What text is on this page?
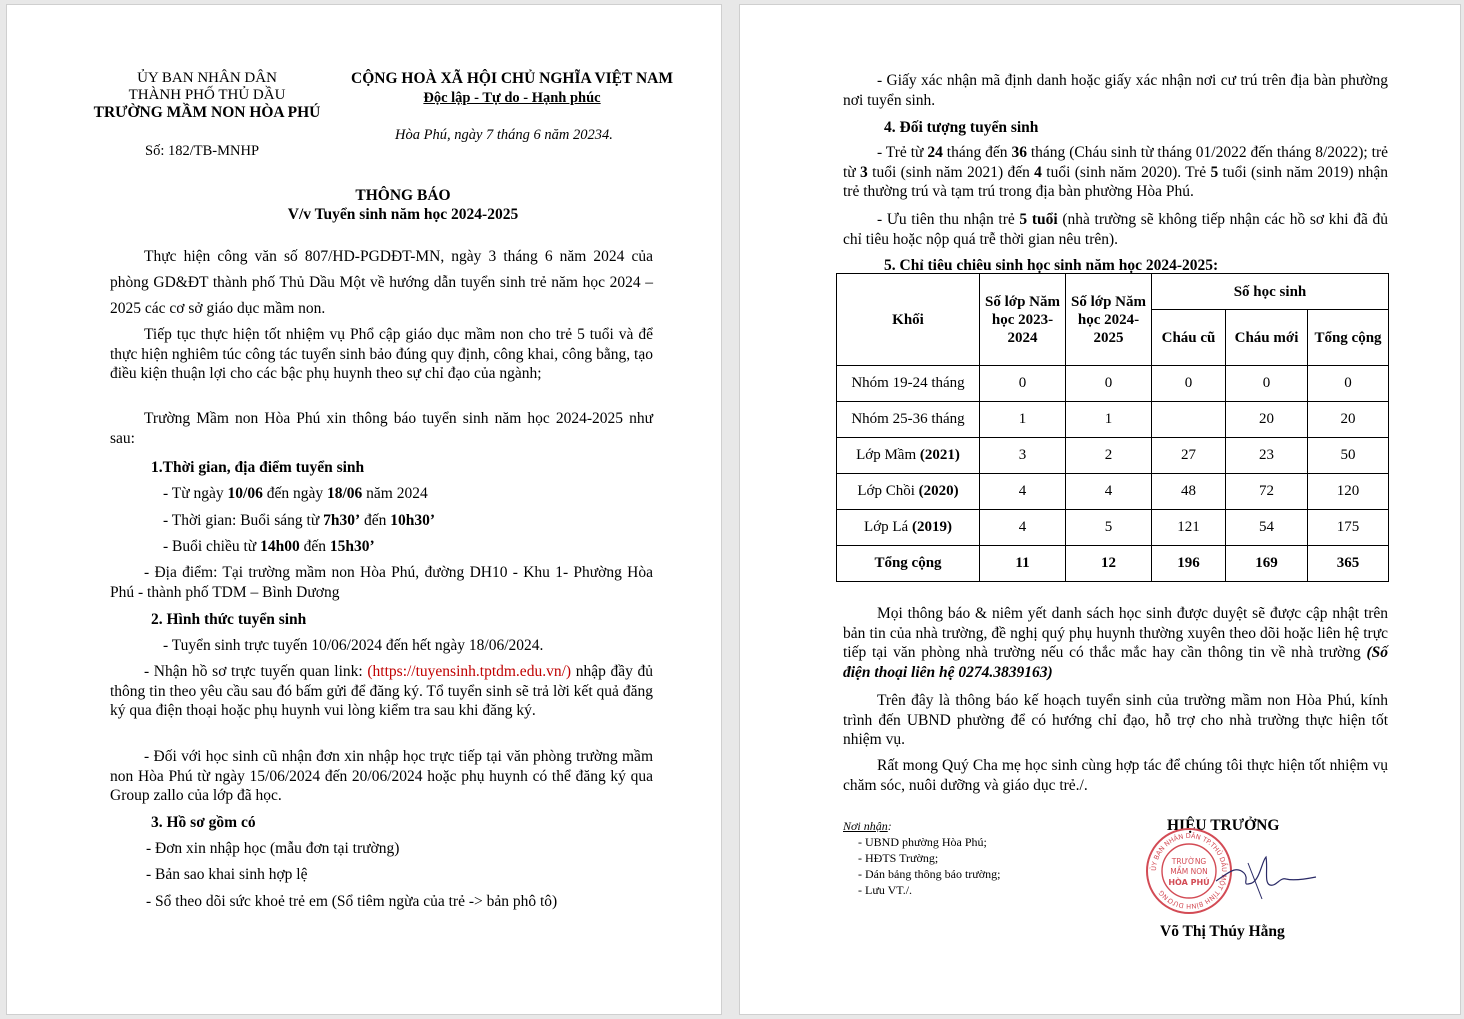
ỦY BAN NHÂN DÂN
THÀNH PHỐ THỦ DẦU
TRƯỜNG MẦM NON HÒA PHÚ
Số: 182/TB-MNHP
CỘNG HOÀ XÃ HỘI CHỦ NGHĨA VIỆT NAM
Độc lập - Tự do - Hạnh phúc
Hòa Phú, ngày 7 tháng 6 năm 20234.
THÔNG BÁO
V/v Tuyển sinh năm học 2024-2025

Thực hiện công văn số 807/HD-PGDĐT-MN, ngày 3 tháng 6 năm 2024 của phòng GD&ĐT thành phố Thủ Dầu Một về hướng dẫn tuyển sinh trẻ năm học 2024 – 2025 các cơ sở giáo dục mầm non.

Tiếp tục thực hiện tốt nhiệm vụ Phổ cập giáo dục mầm non cho trẻ 5 tuổi và để thực hiện nghiêm túc công tác tuyển sinh bảo đúng quy định, công khai, công bằng, tạo điều kiện thuận lợi cho các bậc phụ huynh theo sự chỉ đạo của ngành;

Trường Mầm non Hòa Phú xin thông báo tuyển sinh năm học 2024-2025 như sau:

1.Thời gian, địa điểm tuyển sinh
- Từ ngày 10/06 đến ngày 18/06 năm 2024
- Thời gian: Buổi sáng từ 7h30’ đến 10h30’
- Buổi chiều từ 14h00 đến 15h30’

- Địa điểm: Tại trường mầm non Hòa Phú, đường DH10 - Khu 1- Phường Hòa Phú - thành phố TDM – Bình Dương

2. Hình thức tuyển sinh
- Tuyển sinh trực tuyến 10/06/2024 đến hết ngày 18/06/2024.

- Nhận hồ sơ trực tuyến quan link: (https://tuyensinh.tptdm.edu.vn/) nhập đầy đủ thông tin theo yêu cầu sau đó bấm gửi để đăng ký. Tổ tuyển sinh sẽ trả lời kết quả đăng ký qua điện thoại hoặc phụ huynh vui lòng kiểm tra sau khi đăng ký.

- Đối với học sinh cũ nhận đơn xin nhập học trực tiếp tại văn phòng trường mầm non Hòa Phú từ ngày 15/06/2024 đến 20/06/2024 hoặc phụ huynh có thể đăng ký qua Group zallo của lớp đã học.

3. Hồ sơ gồm có
- Đơn xin nhập học (mẫu đơn tại trường)
- Bản sao khai sinh hợp lệ
- Sổ theo dõi sức khoẻ trẻ em (Sổ tiêm ngừa của trẻ -> bản phô tô)

- Giấy xác nhận mã định danh hoặc giấy xác nhận nơi cư trú trên địa bàn phường nơi tuyển sinh.

4. Đối tượng tuyển sinh

- Trẻ từ 24 tháng đến 36 tháng (Cháu sinh từ tháng 01/2022 đến tháng 8/2022); trẻ từ 3 tuổi (sinh năm 2021) đến 4 tuổi (sinh năm 2020). Trẻ 5 tuổi (sinh năm 2019) nhận trẻ thường trú và tạm trú trong địa bàn phường Hòa Phú.

- Ưu tiên thu nhận trẻ 5 tuổi (nhà trường sẽ không tiếp nhận các hồ sơ khi đã đủ chỉ tiêu hoặc nộp quá trễ thời gian nêu trên).

5. Chỉ tiêu chiêu sinh học sinh năm học 2024-2025:
Khối	Số lớp Năm học 2023-2024	Số lớp Năm học 2024-2025	Số học sinh		
			Cháu cũ	Cháu mới	Tổng cộng
Nhóm 19-24 tháng	0	0	0	0	0
Nhóm 25-36 tháng	1	1		20	20
Lớp Mầm (2021)	3	2	27	23	50
Lớp Chồi (2020)	4	4	48	72	120
Lớp Lá (2019)	4	5	121	54	175
Tổng cộng	11	12	196	169	365

Mọi thông báo & niêm yết danh sách học sinh được duyệt sẽ được cập nhật trên bản tin của nhà trường, đề nghị quý phụ huynh thường xuyên theo dõi hoặc liên hệ trực tiếp tại văn phòng nhà trường nếu có thắc mắc hay cần thông tin về nhà trường (Số điện thoại liên hệ 0274.3839163)

Trên đây là thông báo kế hoạch tuyển sinh của trường mầm non Hòa Phú, kính trình đến UBND phường để có hướng chỉ đạo, hỗ trợ cho nhà trường thực hiện tốt nhiệm vụ.

Rất mong Quý Cha mẹ học sinh cùng hợp tác để chúng tôi thực hiện tốt nhiệm vụ chăm sóc, nuôi dưỡng và giáo dục trẻ./.

Nơi nhận:
- UBND phường Hòa Phú;
- HĐTS Trường;
- Dán bảng thông báo trường;
- Lưu VT./.
HIỆU TRƯỞNG
ỦY BAN NHÂN DÂN TP.THỦ DẦU MỘT TỈNH BÌNH DƯƠNG
TRƯỜNG
MẦM NON
HÒA PHÚ
Võ Thị Thúy Hằng
